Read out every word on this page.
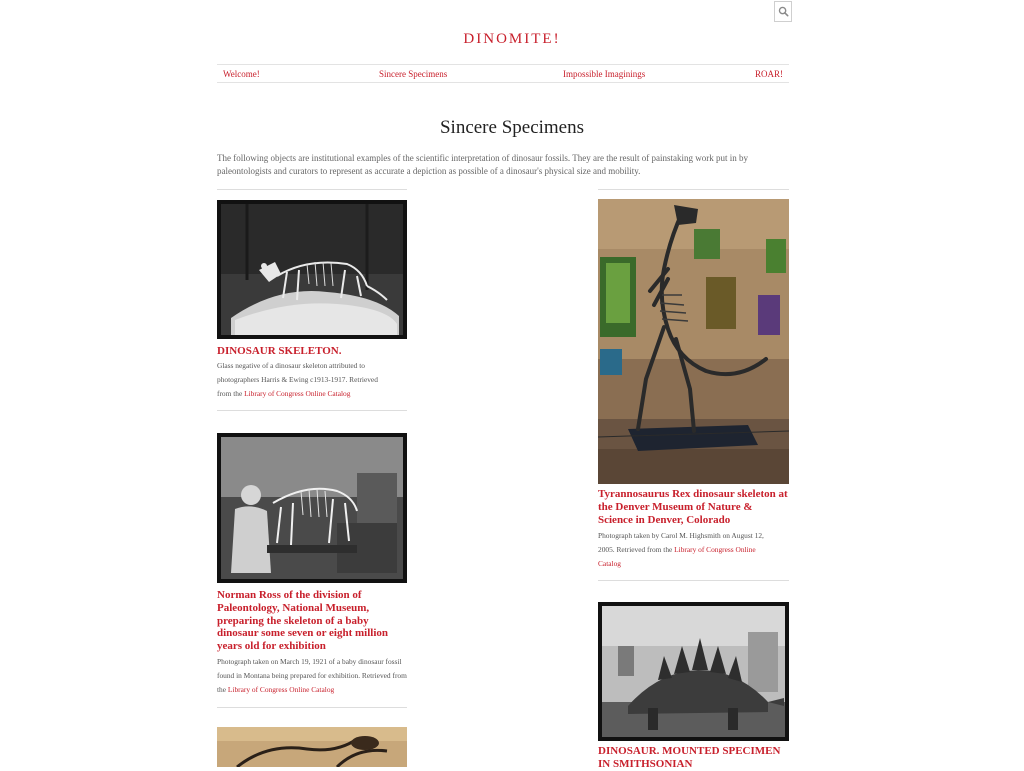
DINOMITE!
Welcome!	Sincere Specimens	Impossible Imaginings	ROAR!
Sincere Specimens

The following objects are institutional examples of the scientific interpretation of dinosaur fossils. They are the result of painstaking work put in by paleontologists and curators to represent as accurate a depiction as possible of a dinosaur's physical size and mobility.

DINOSAUR SKELETON.

Glass negative of a dinosaur skeleton attributed to photographers Harris & Ewing c1913-1917. Retrieved from the Library of Congress Online Catalog

Norman Ross of the division of Paleontology, National Museum, preparing the skeleton of a baby dinosaur some seven or eight million years old for exhibition

Photograph taken on March 19, 1921 of a baby dinosaur fossil found in Montana being prepared for exhibition. Retrieved from the Library of Congress Online Catalog

Tyrannosaurus Rex dinosaur skeleton at the Denver Museum of Nature & Science in Denver, Colorado

Photograph taken by Carol M. Highsmith on August 12, 2005. Retrieved from the Library of Congress Online Catalog

DINOSAUR. MOUNTED SPECIMEN IN SMITHSONIAN
